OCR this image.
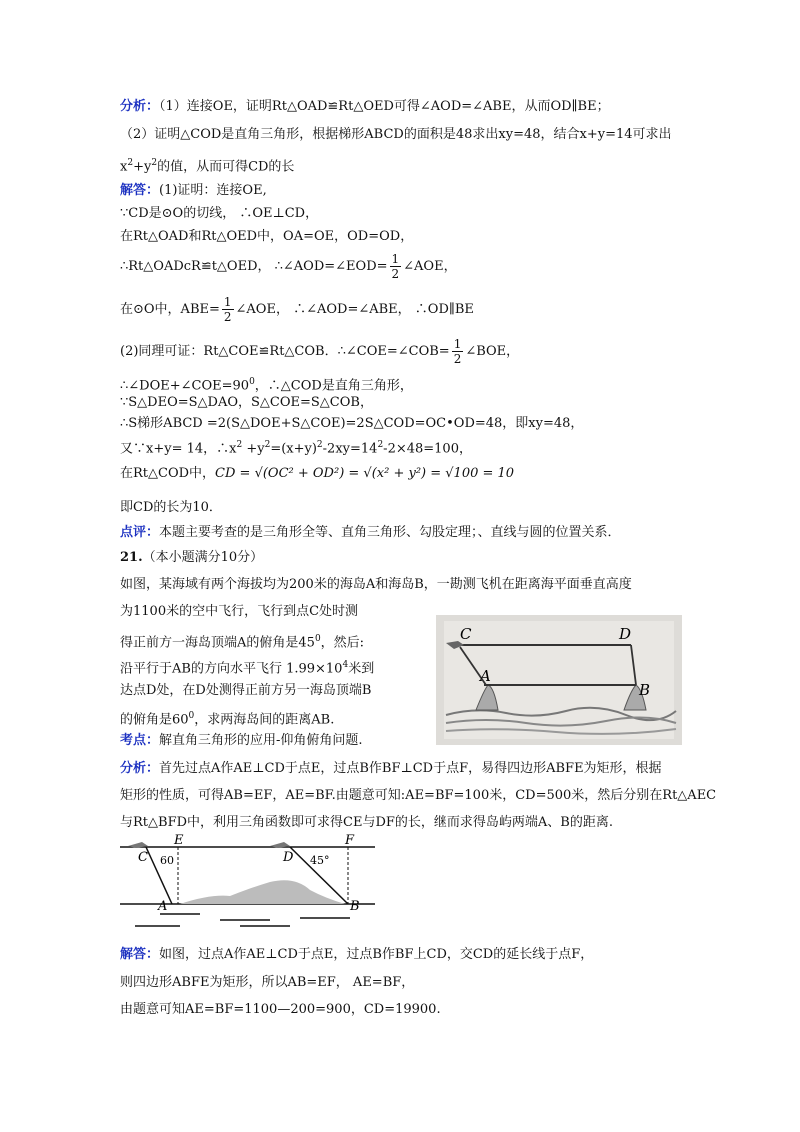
分析：（1）连接OE，证明Rt△OAD≌Rt△OED可得∠AOD=∠ABE，从而OD∥BE；
（2）证明△COD是直角三角形，根据梯形ABCD的面积是48求出xy=48，结合x+y=14可求出
$x^2+y^2$的值，从而可得CD的长
解答：(1)证明：连接OE,
∵CD是⊙O的切线， ∴OE⊥CD，
在Rt△OAD和Rt△OED中，OA=OE，OD=OD，
∴Rt△OADcR≌t△OED， ∴∠AOD=∠EOD= $\frac{1}{2}$ ∠AOE，
在⊙O中，$ABE= \frac{1}{2}$ ∠AOE， ∴∠AOD=∠ABE， ∴OD∥BE
(2)同理可证：Rt△COE≌Rt△COB．∴∠COE=∠COB= $\frac{1}{2}$ ∠BOE，
$\therefore\angle DOE+\angle COE=90^0$，∴△COD是直角三角形，
∵S△DEO=S△DAO，S△COE=S△COB，
∴S梯形ABCD =2(S△DOE+S△COE)=2S△COD=OC•OD=48，即xy=48，
又∵x+y= 14，$\therefore x^2 +y^2=(x+y)^2-2xy=14^2-2\times 48=100$，
在Rt△COD中，CD = √(OC² + OD²) = √(x² + y²) = √100 = 10
即CD的长为10．
点评：本题主要考查的是三角形全等、直角三角形、勾股定理；、直线与圆的位置关系．
21.（本小题满分10分）
如图，某海域有两个海拔均为200米的海岛A和海岛B，一勘测飞机在距离海平面垂直高度
为1100米的空中飞行，飞行到点C处时测
得正前方一海岛顶端A的俯角是$45^0$，然后:
沿平行于AB的方向水平飞行 $1.99\times 10^4$米到
达点D处，在D处测得正前方另一海岛顶端B
的俯角是$60^0$，求两海岛间的距离AB.
C	D
A
B
考点：解直角三角形的应用-仰角俯角问题.
分析：首先过点A作AE⊥CD于点E，过点B作BF⊥CD于点F，易得四边形ABFE为矩形，根据
矩形的性质，可得AB=EF，AE=BF.由题意可知:AE=BF=100米，CD=500米，然后分别在Rt△AEC
与Rt△BFD中，利用三角函数即可求得CE与DF的长，继而求得岛屿两端A、B的距离.
C
E
60	D
F
45°
A	B
解答：如图，过点A作AE⊥CD于点E，过点B作BF上CD，交CD的延长线于点F，
则四边形ABFE为矩形，所以AB=EF， AE=BF，
由题意可知AE=BF=1100—200=900，CD=19900.
